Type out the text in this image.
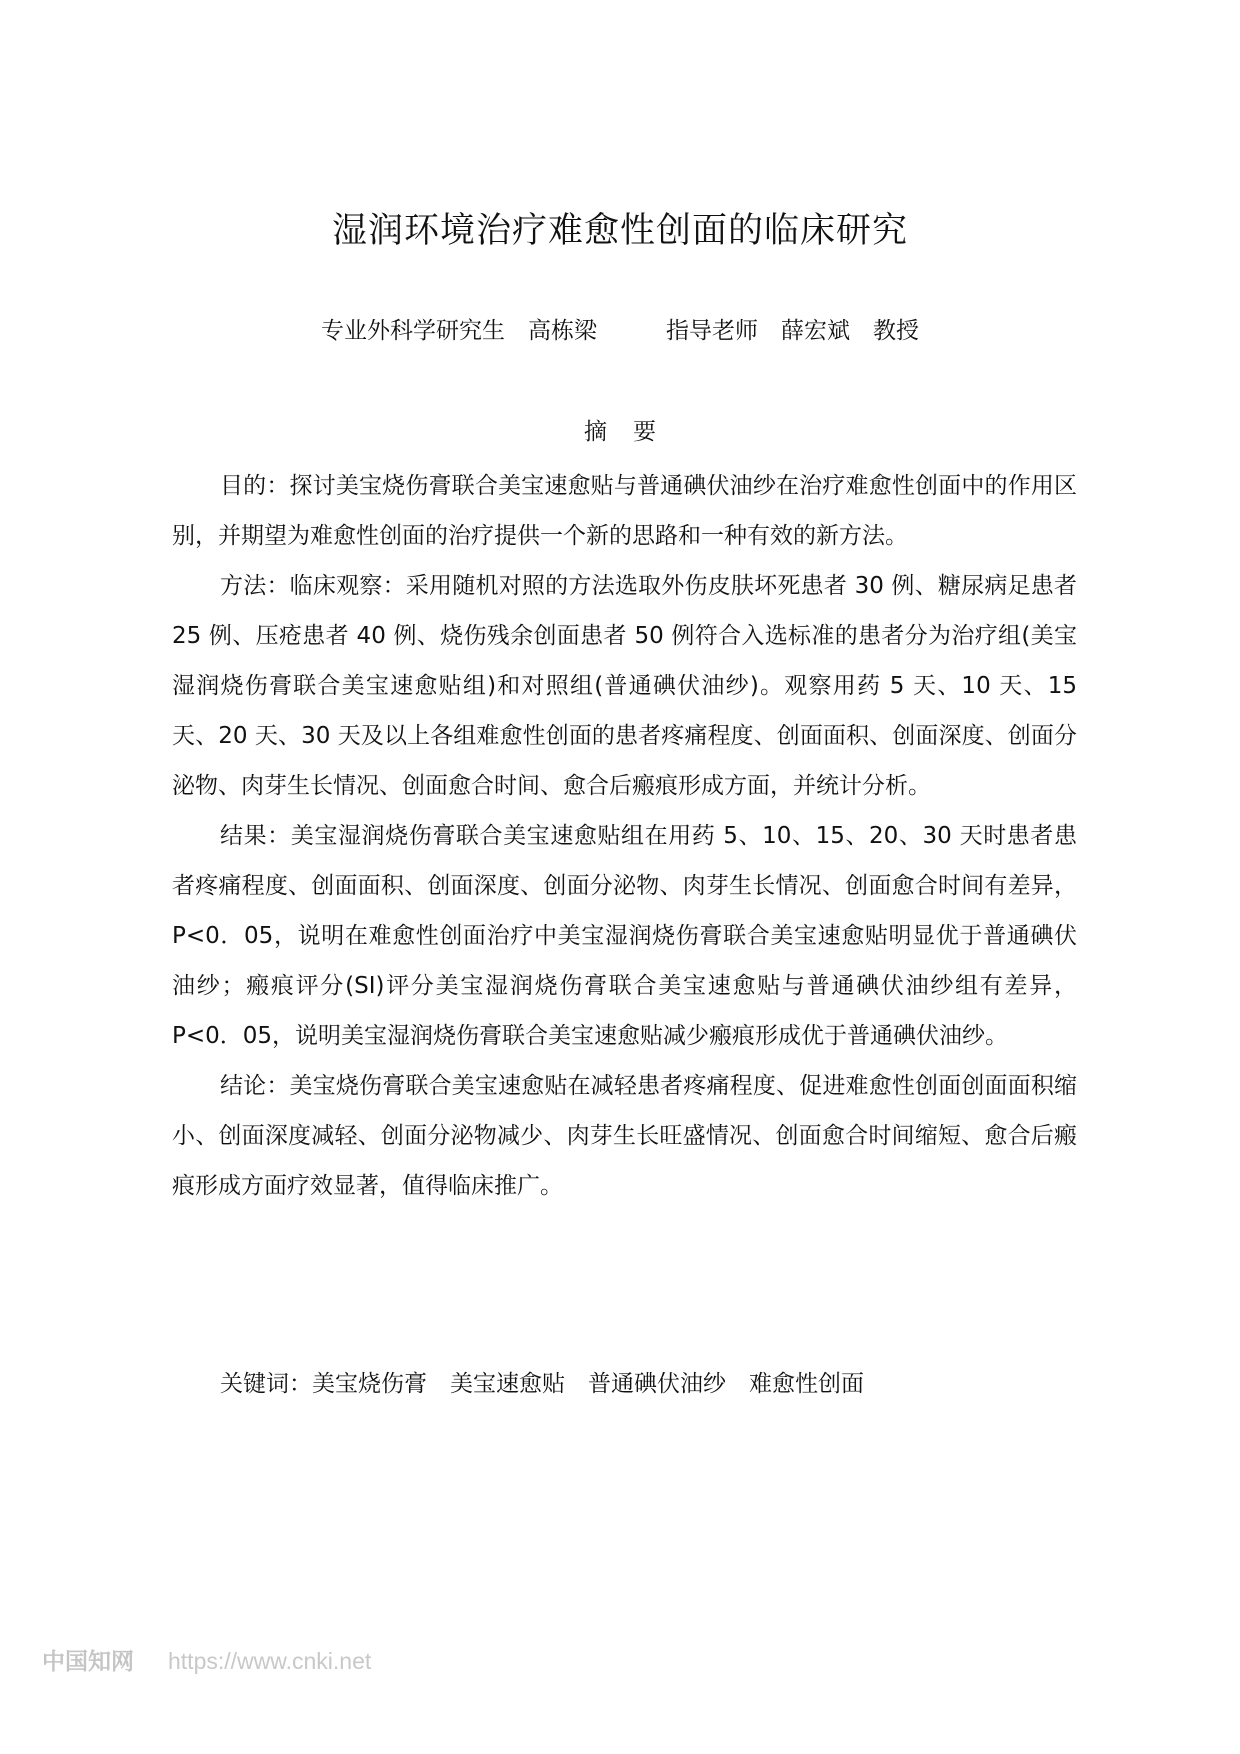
湿润环境治疗难愈性创面的临床研究
专业外科学研究生　高栋梁　　　指导老师　薛宏斌　教授
摘要

目的：探讨美宝烧伤膏联合美宝速愈贴与普通碘伏油纱在治疗难愈性创面中的作用区别，并期望为难愈性创面的治疗提供一个新的思路和一种有效的新方法。

方法：临床观察：采用随机对照的方法选取外伤皮肤坏死患者 30 例、糖尿病足患者 25 例、压疮患者 40 例、烧伤残余创面患者 50 例符合入选标准的患者分为治疗组(美宝湿润烧伤膏联合美宝速愈贴组)和对照组(普通碘伏油纱)。观察用药 5 天、10 天、15 天、20 天、30 天及以上各组难愈性创面的患者疼痛程度、创面面积、创面深度、创面分泌物、肉芽生长情况、创面愈合时间、愈合后瘢痕形成方面，并统计分析。

结果：美宝湿润烧伤膏联合美宝速愈贴组在用药 5、10、15、20、30 天时患者患者疼痛程度、创面面积、创面深度、创面分泌物、肉芽生长情况、创面愈合时间有差异，P<0．05，说明在难愈性创面治疗中美宝湿润烧伤膏联合美宝速愈贴明显优于普通碘伏油纱；瘢痕评分(SI)评分美宝湿润烧伤膏联合美宝速愈贴与普通碘伏油纱组有差异，P<0．05，说明美宝湿润烧伤膏联合美宝速愈贴减少瘢痕形成优于普通碘伏油纱。

结论：美宝烧伤膏联合美宝速愈贴在减轻患者疼痛程度、促进难愈性创面创面面积缩小、创面深度减轻、创面分泌物减少、肉芽生长旺盛情况、创面愈合时间缩短、愈合后瘢痕形成方面疗效显著，值得临床推广。

关键词：美宝烧伤膏　美宝速愈贴　普通碘伏油纱　难愈性创面
中国知网 https://www.cnki.net
